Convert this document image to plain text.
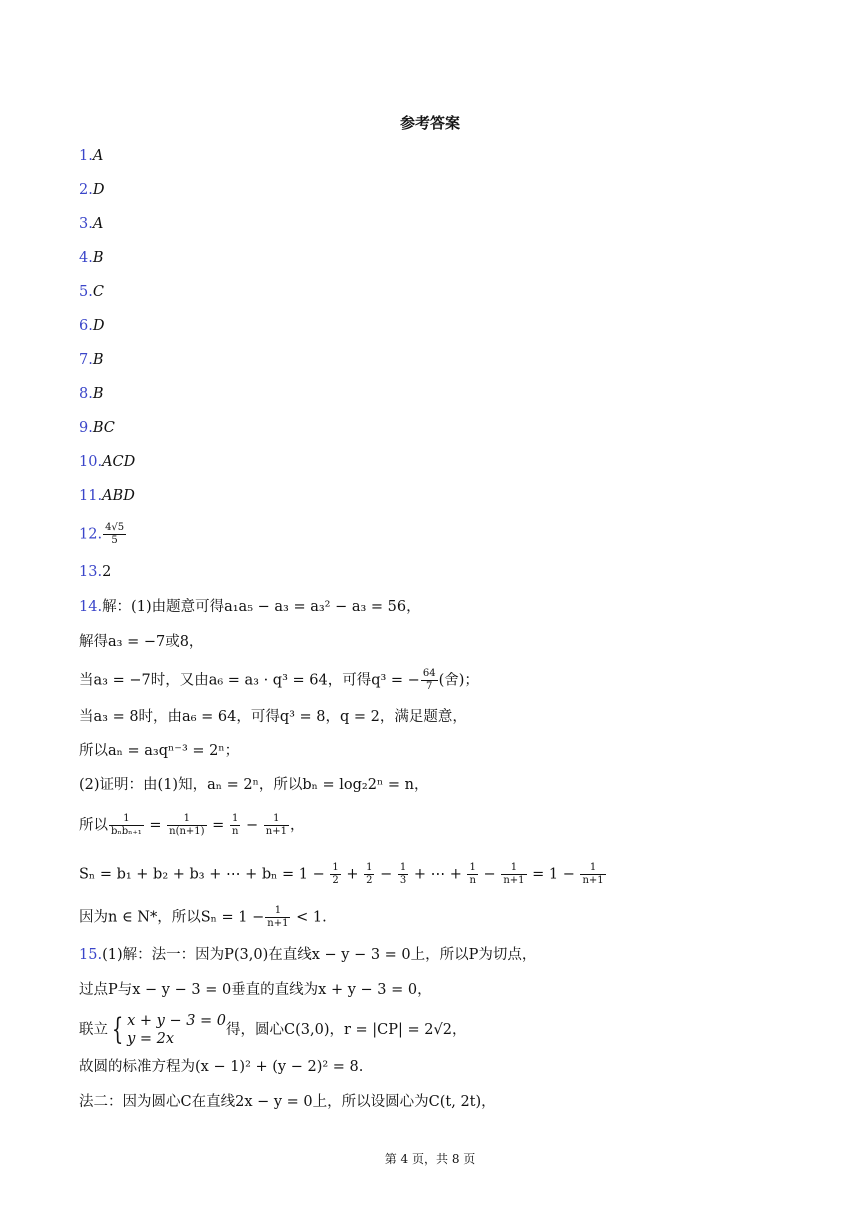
参考答案
1.A
2.D
3.A
4.B
5.C
6.D
7.B
8.B
9.BC
10.ACD
11.ABD
12. $\frac{4√5}{5}$
13.2
14.解：(1)由题意可得a₁a₅ − a₃ = a₃² − a₃ = 56，
解得a₃ = −7或8，
当a₃ = −7时，又由a₆ = a₃ · q³ = 64，可得q³ = − $\frac{64}{7}$ (舍)；
当a₃ = 8时，由a₆ = 64，可得q³ = 8，q = 2，满足题意，
所以aₙ = a₃qⁿ⁻³ = 2ⁿ；
(2)证明：由(1)知，aₙ = 2ⁿ，所以bₙ = log₂2ⁿ = n，
所以 $\frac{1}{\text{bₙbₙ₊₁}} = \frac{1}{n(n+1)} = \frac{1}{n} - \frac{1}{n+1}$ ，
Sₙ = b₁ + b₂ + b₃ + ⋯ + $b_n = 1 - \frac{1}{2} + \frac{1}{2} - \frac{1}{3}$ + ⋯ + $\frac{1}{n} - \frac{1}{n+1} = 1 - \frac{1}{n+1}$
因为n ∈ N*，所以$S_n = 1 - \frac{1}{n+1} < 1$.
15.(1)解：法一：因为P(3,0)在直线x − y − 3 = 0上，所以P为切点，
过点P与x − y − 3 = 0垂直的直线为x + y − 3 = 0，
联立 { x + y − 3 = 0
y = 2x
得，圆心C(3,0)，r = |CP| = 2√2，
故圆的标准方程为(x − 1)² + (y − 2)² = 8.
法二：因为圆心C在直线2x − y = 0上，所以设圆心为C(t, 2t)，
第 4 页，共 8 页
